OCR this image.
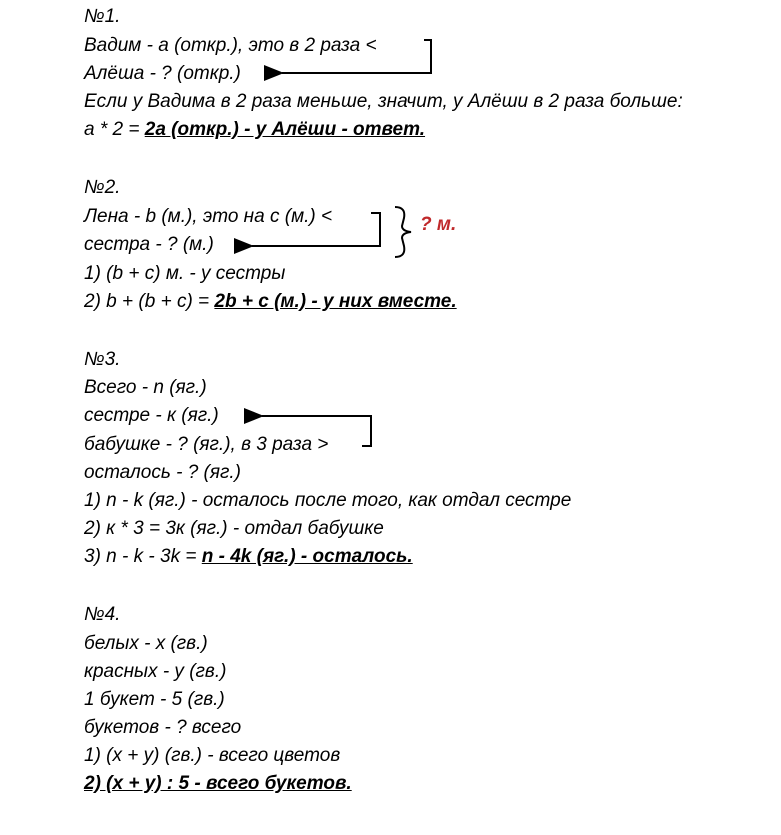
№1.
Вадим - а (откр.), это в 2 раза <
Алёша - ? (откр.)
Если у Вадима в 2 раза меньше, значит, у Алёши в 2 раза больше:
а * 2 = 2а (откр.) - у Алёши - ответ.
№2.
Лена - b (м.), это на с (м.) <
сестра - ? (м.)
? м.
1) (b + c) м. - у сестры
2) b + (b + c) = 2b + c (м.) - у них вместе.
№3.
Всего - n (яг.)
сестре - к (яг.)
бабушке - ? (яг.), в 3 раза >
осталось - ? (яг.)
1) n - k (яг.) - осталось после того, как отдал сестре
2) к * 3 = 3к (яг.) - отдал бабушке
3) n - k - 3k = n - 4k (яг.) - осталось.
№4.
белых - х (гв.)
красных - у (гв.)
1 букет - 5 (гв.)
букетов - ? всего
1) (х + у) (гв.) - всего цветов
2) (х + у) : 5 - всего букетов.
